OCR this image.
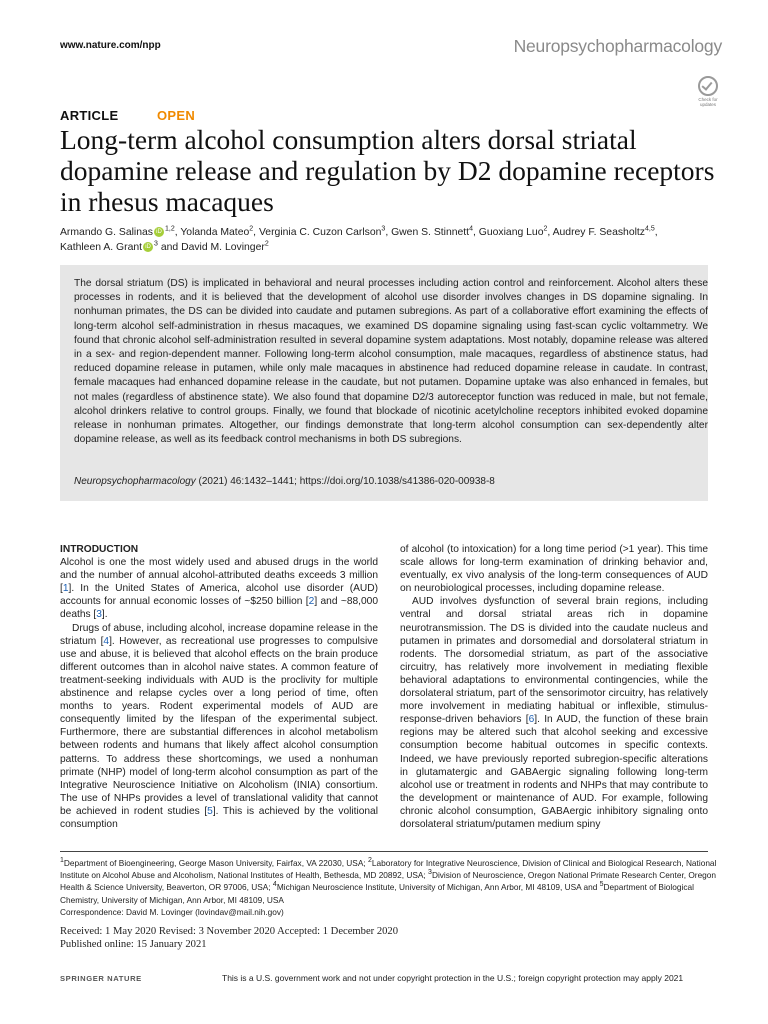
www.nature.com/npp	Neuropsychopharmacology
Check for updates
ARTICLE	OPEN
Long-term alcohol consumption alters dorsal striatal dopamine release and regulation by D2 dopamine receptors in rhesus macaques
Armando G. Salinas iD $^{1,2}$, Yolanda Mateo$^2$, Verginia C. Cuzon Carlson$^3$, Gwen S. Stinnett$^4$, Guoxiang Luo$^2$, Audrey F. Seasholtz$^{4,5}$,
Kathleen A. Grant iD $^3$ and David M. Lovinger$^2$
The dorsal striatum (DS) is implicated in behavioral and neural processes including action control and reinforcement. Alcohol alters these processes in rodents, and it is believed that the development of alcohol use disorder involves changes in DS dopamine signaling. In nonhuman primates, the DS can be divided into caudate and putamen subregions. As part of a collaborative effort examining the effects of long-term alcohol self-administration in rhesus macaques, we examined DS dopamine signaling using fast-scan cyclic voltammetry. We found that chronic alcohol self-administration resulted in several dopamine system adaptations. Most notably, dopamine release was altered in a sex- and region-dependent manner. Following long-term alcohol consumption, male macaques, regardless of abstinence status, had reduced dopamine release in putamen, while only male macaques in abstinence had reduced dopamine release in caudate. In contrast, female macaques had enhanced dopamine release in the caudate, but not putamen. Dopamine uptake was also enhanced in females, but not males (regardless of abstinence state). We also found that dopamine D2/3 autoreceptor function was reduced in male, but not female, alcohol drinkers relative to control groups. Finally, we found that blockade of nicotinic acetylcholine receptors inhibited evoked dopamine release in nonhuman primates. Altogether, our findings demonstrate that long-term alcohol consumption can sex-dependently alter dopamine release, as well as its feedback control mechanisms in both DS subregions.
Neuropsychopharmacology (2021) 46:1432–1441; https://doi.org/10.1038/s41386-020-00938-8
INTRODUCTION

Alcohol is one the most widely used and abused drugs in the world and the number of annual alcohol-attributed deaths exceeds 3 million [1]. In the United States of America, alcohol use disorder (AUD) accounts for annual economic losses of ~$250 billion [2] and ~88,000 deaths [3].

Drugs of abuse, including alcohol, increase dopamine release in the striatum [4]. However, as recreational use progresses to compulsive use and abuse, it is believed that alcohol effects on the brain produce different outcomes than in alcohol naive states. A common feature of treatment-seeking individuals with AUD is the proclivity for multiple abstinence and relapse cycles over a long period of time, often months to years. Rodent experimental models of AUD are consequently limited by the lifespan of the experimental subject. Furthermore, there are substantial differences in alcohol metabolism between rodents and humans that likely affect alcohol consumption patterns. To address these shortcomings, we used a nonhuman primate (NHP) model of long-term alcohol consumption as part of the Integrative Neuroscience Initiative on Alcoholism (INIA) consortium. The use of NHPs provides a level of translational validity that cannot be achieved in rodent studies [5]. This is achieved by the volitional consumption

of alcohol (to intoxication) for a long time period (>1 year). This time scale allows for long-term examination of drinking behavior and, eventually, ex vivo analysis of the long-term consequences of AUD on neurobiological processes, including dopamine release.

AUD involves dysfunction of several brain regions, including ventral and dorsal striatal areas rich in dopamine neurotransmission. The DS is divided into the caudate nucleus and putamen in primates and dorsomedial and dorsolateral striatum in rodents. The dorsomedial striatum, as part of the associative circuitry, has relatively more involvement in mediating flexible behavioral adaptations to environmental contingencies, while the dorsolateral striatum, part of the sensorimotor circuitry, has relatively more involvement in mediating habitual or inflexible, stimulus-response-driven behaviors [6]. In AUD, the function of these brain regions may be altered such that alcohol seeking and excessive consumption become habitual outcomes in specific contexts. Indeed, we have previously reported subregion-specific alterations in glutamatergic and GABAergic signaling following long-term alcohol use or treatment in rodents and NHPs that may contribute to the development or maintenance of AUD. For example, following chronic alcohol consumption, GABAergic inhibitory signaling onto dorsolateral striatum/putamen medium spiny

$^1$Department of Bioengineering, George Mason University, Fairfax, VA 22030, USA; $^2$Laboratory for Integrative Neuroscience, Division of Clinical and Biological Research, National Institute on Alcohol Abuse and Alcoholism, National Institutes of Health, Bethesda, MD 20892, USA; $^3$Division of Neuroscience, Oregon National Primate Research Center, Oregon Health & Science University, Beaverton, OR 97006, USA; $^4$Michigan Neuroscience Institute, University of Michigan, Ann Arbor, MI 48109, USA and $^5$Department of Biological Chemistry, University of Michigan, Ann Arbor, MI 48109, USA
Correspondence: David M. Lovinger (lovindav@mail.nih.gov)
Received: 1 May 2020 Revised: 3 November 2020 Accepted: 1 December 2020
Published online: 15 January 2021
SPRINGER NATURE	This is a U.S. government work and not under copyright protection in the U.S.; foreign copyright protection may apply 2021
